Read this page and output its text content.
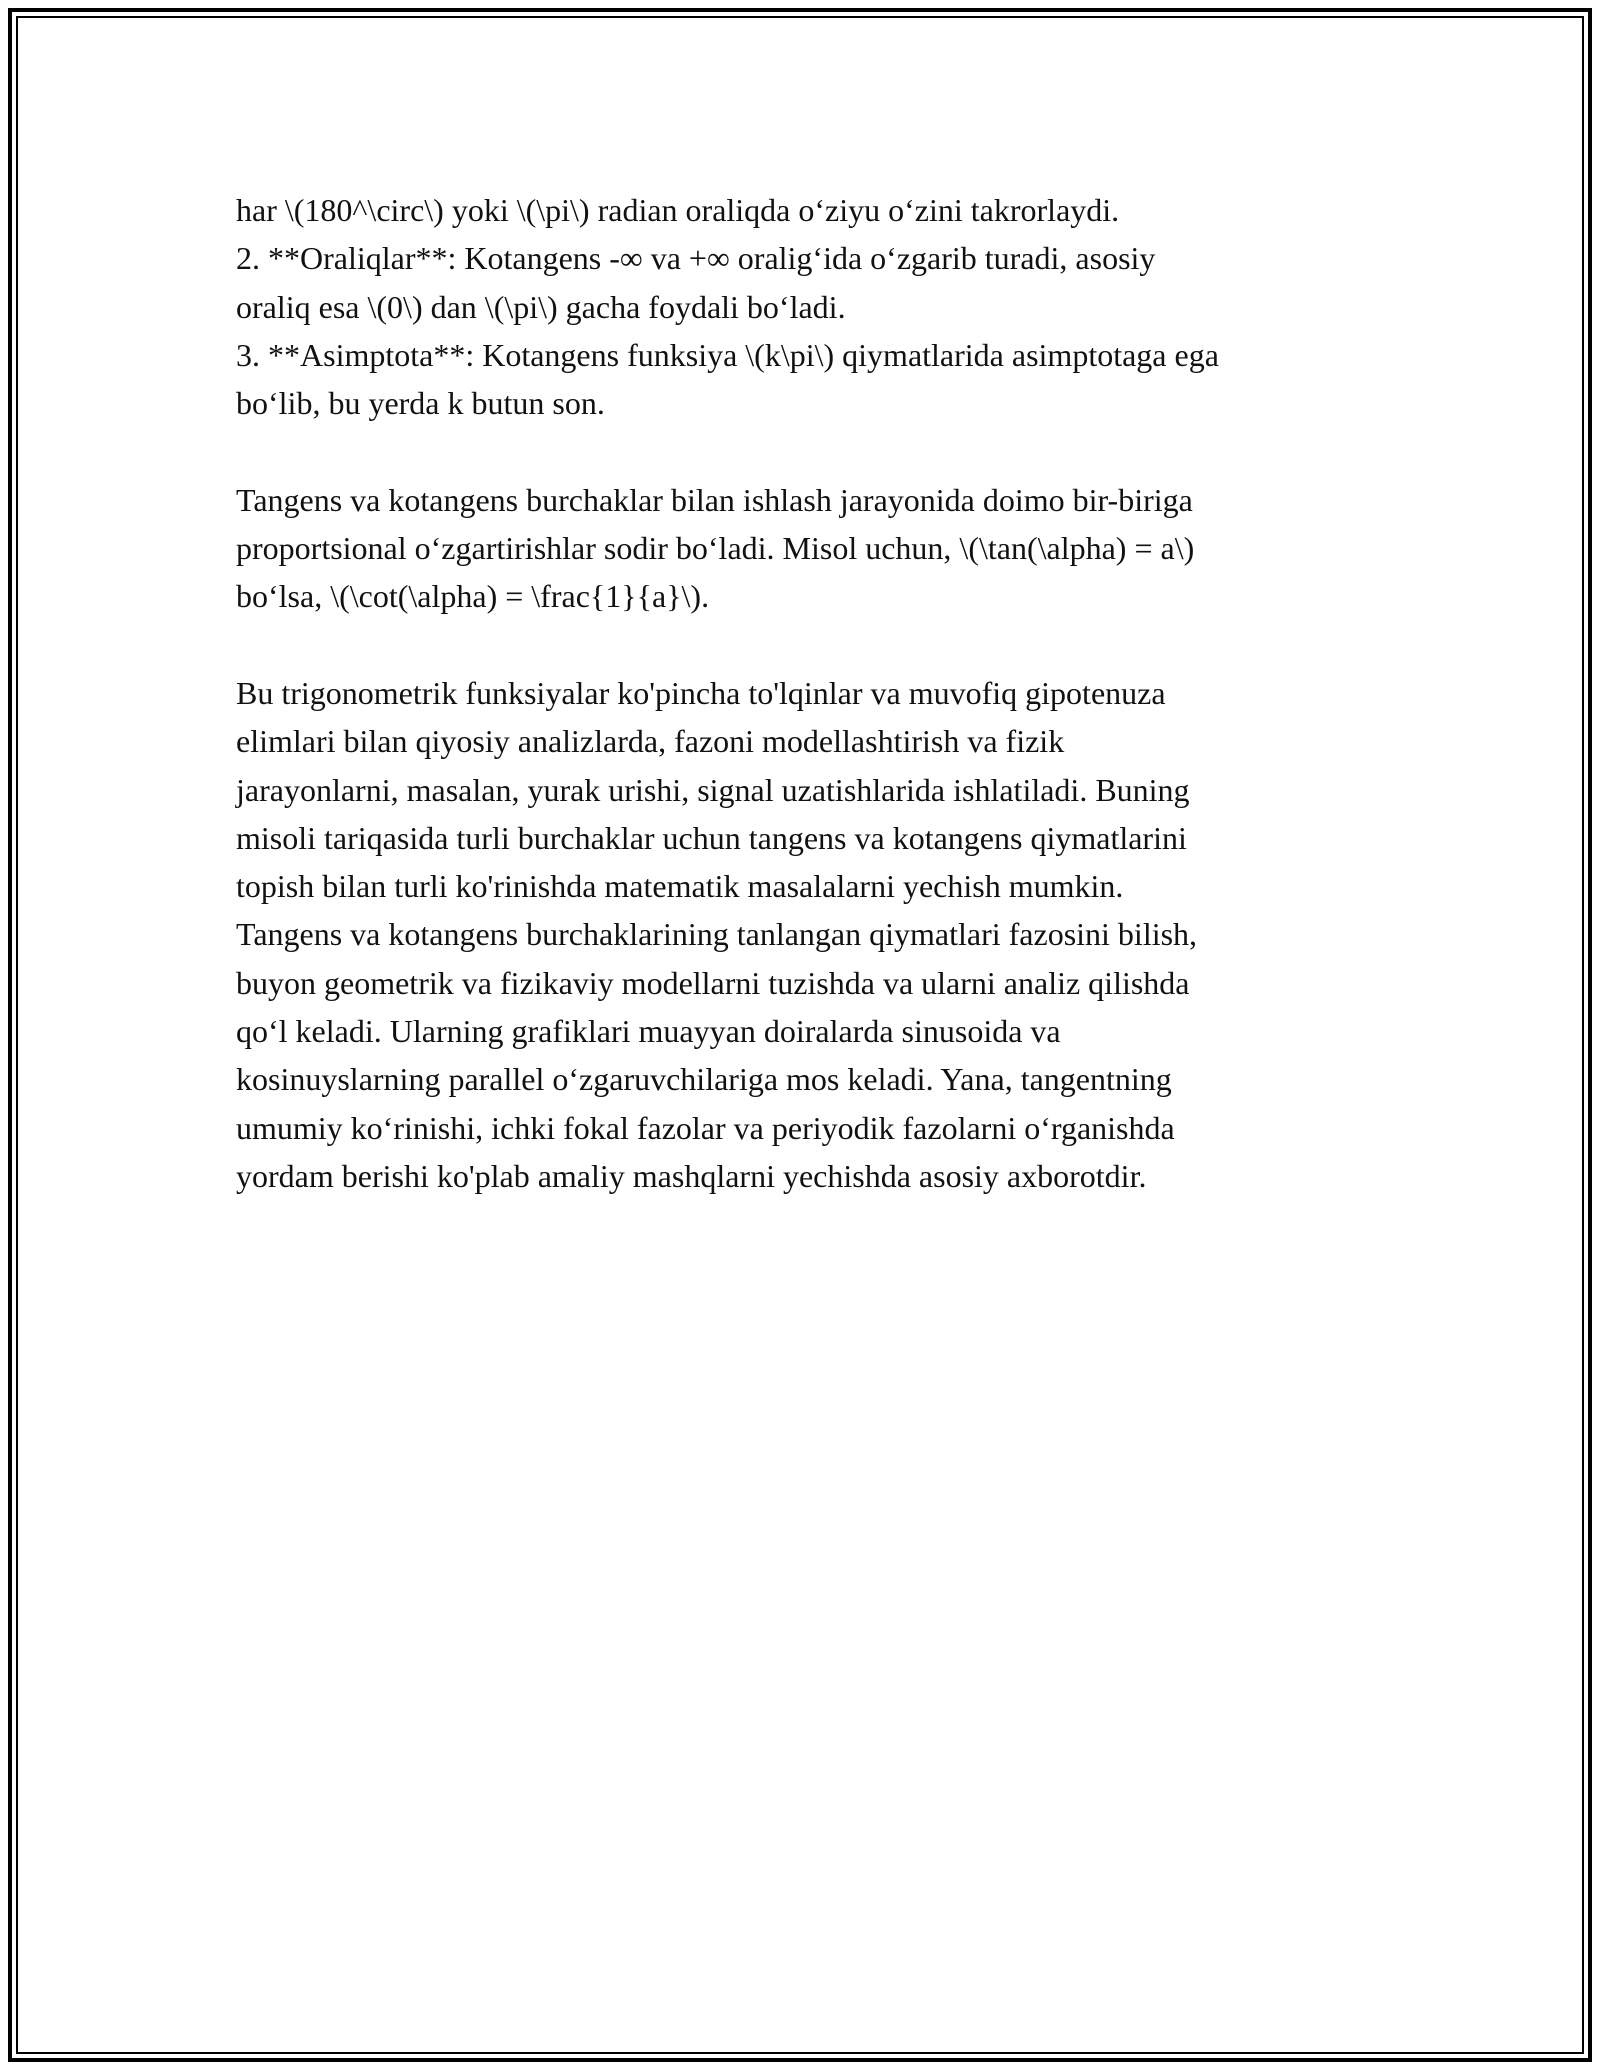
har \(180^\circ\) yoki \(\pi\) radian oraliqda o‘ziyu o‘zini takrorlaydi.
2. **Oraliqlar**: Kotangens -∞ va +∞ oralig‘ida o‘zgarib turadi, asosiy
oraliq esa \(0\) dan \(\pi\) gacha foydali bo‘ladi.
3. **Asimptota**: Kotangens funksiya \(k\pi\) qiymatlarida asimptotaga ega
bo‘lib, bu yerda k butun son.

Tangens va kotangens burchaklar bilan ishlash jarayonida doimo bir-biriga
proportsional o‘zgartirishlar sodir bo‘ladi. Misol uchun, \(\tan(\alpha) = a\)
bo‘lsa, \(\cot(\alpha) = \frac{1}{a}\).

Bu trigonometrik funksiyalar ko'pincha to'lqinlar va muvofiq gipotenuza
elimlari bilan qiyosiy analizlarda, fazoni modellashtirish va fizik
jarayonlarni, masalan, yurak urishi, signal uzatishlarida ishlatiladi. Buning
misoli tariqasida turli burchaklar uchun tangens va kotangens qiymatlarini
topish bilan turli ko'rinishda matematik masalalarni yechish mumkin.
Tangens va kotangens burchaklarining tanlangan qiymatlari fazosini bilish,
buyon geometrik va fizikaviy modellarni tuzishda va ularni analiz qilishda
qo‘l keladi. Ularning grafiklari muayyan doiralarda sinusoida va
kosinuyslarning parallel o‘zgaruvchilariga mos keladi. Yana, tangentning
umumiy ko‘rinishi, ichki fokal fazolar va periyodik fazolarni o‘rganishda
yordam berishi ko'plab amaliy mashqlarni yechishda asosiy axborotdir.
